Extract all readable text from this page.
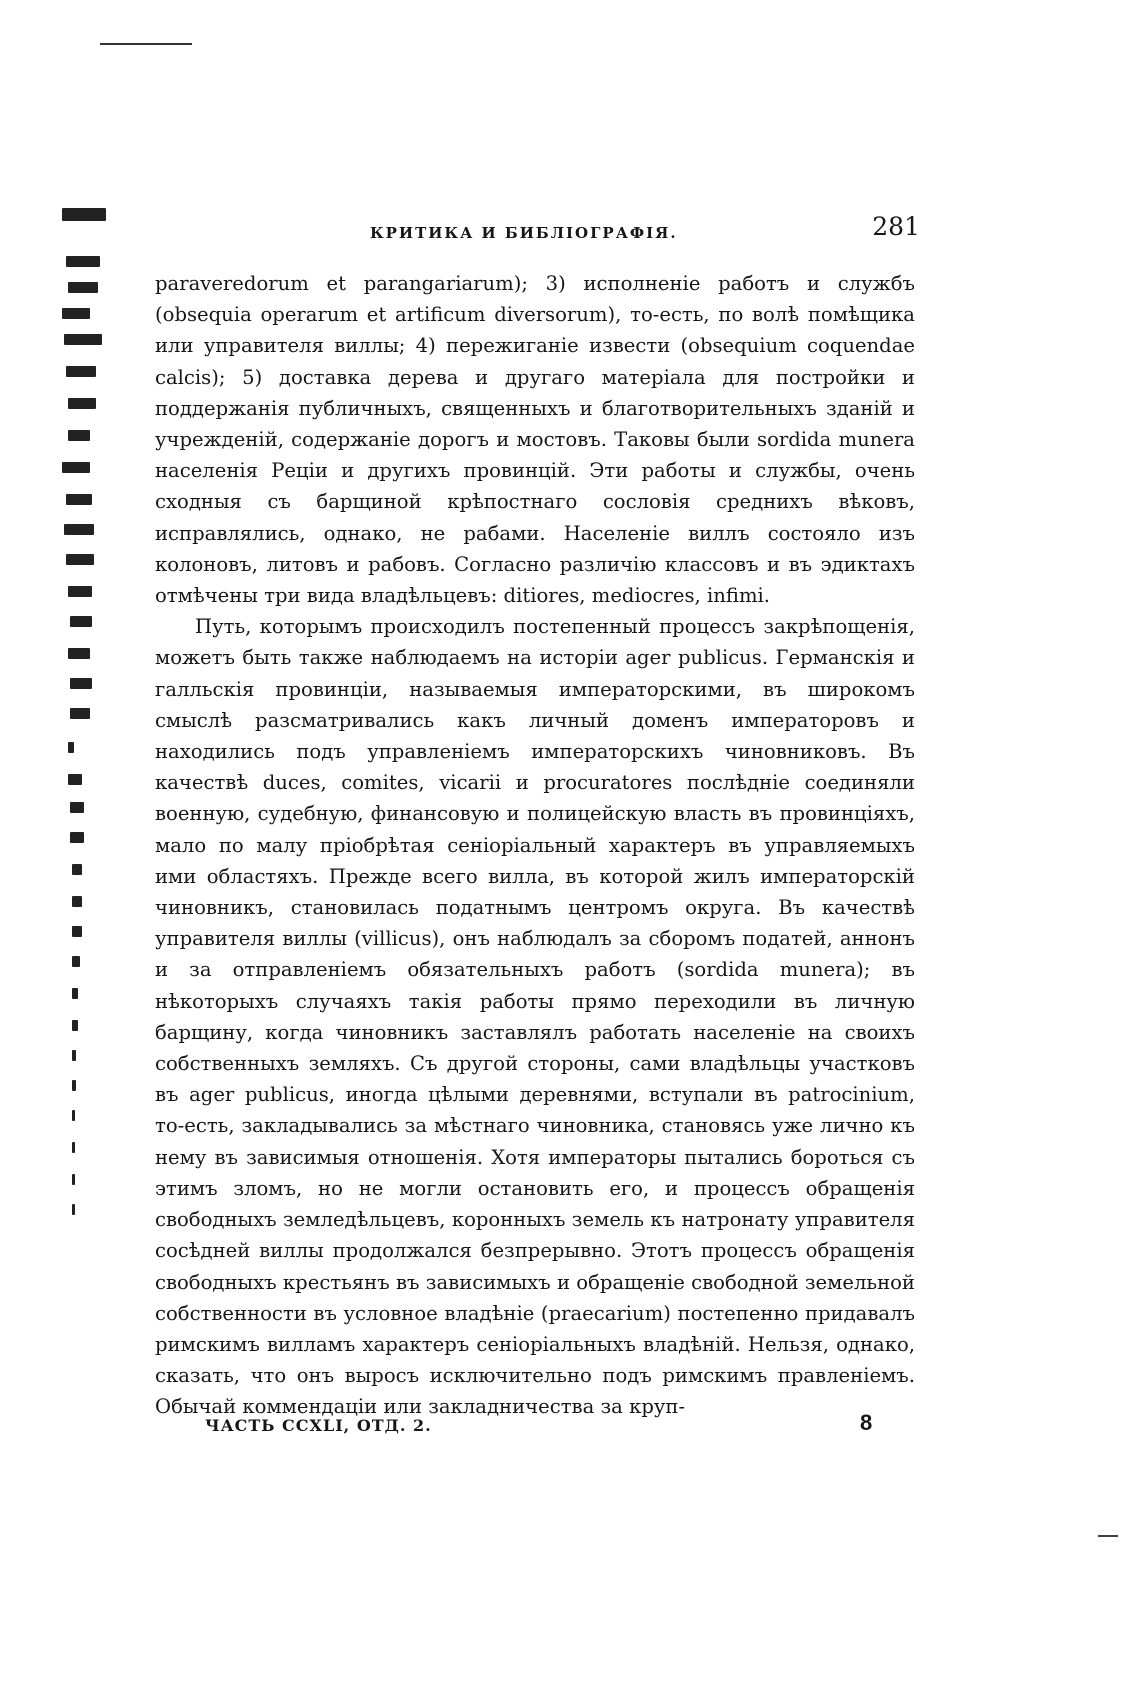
КРИТИКА И БИБЛІОГРАФІЯ.	281

paraveredorum et parangariarum); 3) исполненіе работъ и службъ (obsequia operarum et artificum diversorum), то-есть, по волѣ помѣщика или управителя виллы; 4) пережиганіе извести (obsequium coquendae calcis); 5) доставка дерева и другаго матеріала для постройки и поддержанія публичныхъ, священныхъ и благотворительныхъ зданій и учрежденій, содержаніе дорогъ и мостовъ. Таковы были sordida munera населенія Реціи и другихъ провинцій. Эти работы и службы, очень сходныя съ барщиной крѣпостнаго сословія среднихъ вѣковъ, исправлялись, однако, не рабами. Населеніе виллъ состояло изъ колоновъ, литовъ и рабовъ. Согласно различію классовъ и въ эдиктахъ отмѣчены три вида владѣльцевъ: ditiores, mediocres, infimi.

Путь, которымъ происходилъ постепенный процессъ закрѣпощенія, можетъ быть также наблюдаемъ на исторіи ager publicus. Германскія и галльскія провинціи, называемыя императорскими, въ широкомъ смыслѣ разсматривались какъ личный доменъ императоровъ и находились подъ управленіемъ императорскихъ чиновниковъ. Въ качествѣ duces, comites, vicarii и procuratores послѣдніе соединяли военную, судебную, финансовую и полицейскую власть въ провинціяхъ, мало по малу пріобрѣтая сеніоріальный характеръ въ управляемыхъ ими областяхъ. Прежде всего вилла, въ которой жилъ императорскій чиновникъ, становилась податнымъ центромъ округа. Въ качествѣ управителя виллы (villicus), онъ наблюдалъ за сборомъ податей, аннонъ и за отправленіемъ обязательныхъ работъ (sordida munera); въ нѣкоторыхъ случаяхъ такія работы прямо переходили въ личную барщину, когда чиновникъ заставлялъ работать населеніе на своихъ собственныхъ земляхъ. Съ другой стороны, сами владѣльцы участковъ въ ager publicus, иногда цѣлыми деревнями, вступали въ patrocinium, то-есть, закладывались за мѣстнаго чиновника, становясь уже лично къ нему въ зависимыя отношенія. Хотя императоры пытались бороться съ этимъ зломъ, но не могли остановить его, и процессъ обращенія свободныхъ земледѣльцевъ, коронныхъ земель къ натронату управителя сосѣдней виллы продолжался безпрерывно. Этотъ процессъ обращенія свободныхъ крестьянъ въ зависимыхъ и обращеніе свободной земельной собственности въ условное владѣніе (praecarium) постепенно придавалъ римскимъ вилламъ характеръ сеніоріальныхъ владѣній. Нельзя, однако, сказать, что онъ выросъ исключительно подъ римскимъ правленіемъ. Обычай коммендаціи или закладничества за круп-

ЧАСТЬ CCXLI, ОТД. 2.	8
